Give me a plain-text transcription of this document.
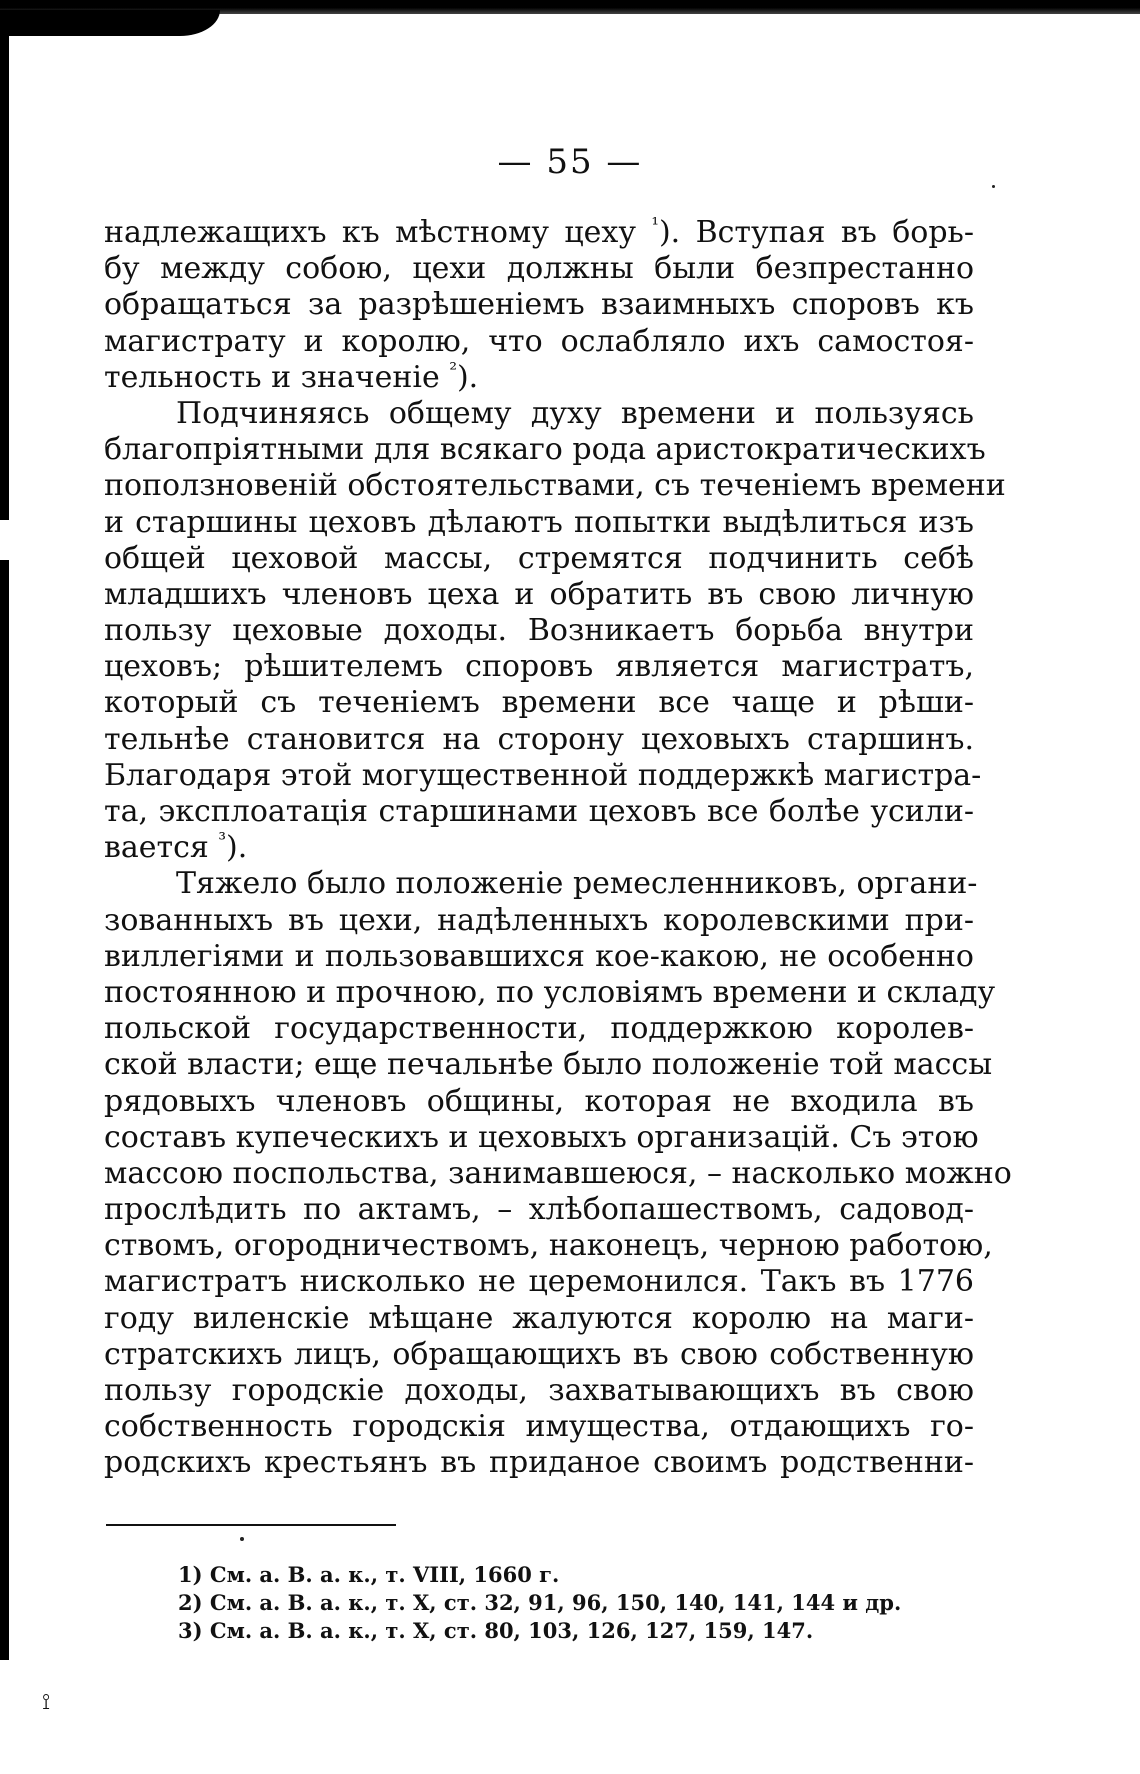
— 55 —
надлежащихъ къ мѣстному цеху $^{^1}$). Вступая въ борь-
бу между собою, цехи должны были безпрестанно
обращаться за разрѣшеніемъ взаимныхъ споровъ къ
магистрату и королю, что ослабляло ихъ самостоя-
тельность и значеніе $^{^2}$).
Подчиняясь общему духу времени и пользуясь
благопріятными для всякаго рода аристократическихъ
поползновеній обстоятельствами, съ теченіемъ времени
и старшины цеховъ дѣлаютъ попытки выдѣлиться изъ
общей цеховой массы, стремятся подчинить себѣ
младшихъ членовъ цеха и обратить въ свою личную
пользу цеховые доходы. Возникаетъ борьба внутри
цеховъ; рѣшителемъ споровъ является магистратъ,
который съ теченіемъ времени все чаще и рѣши-
тельнѣе становится на сторону цеховыхъ старшинъ.
Благодаря этой могущественной поддержкѣ магистра-
та, эксплоатація старшинами цеховъ все болѣе усили-
вается $^{^3}$).
Тяжело было положеніе ремесленниковъ, органи-
зованныхъ въ цехи, надѣленныхъ королевскими при-
виллегіями и пользовавшихся кое-какою, не особенно
постоянною и прочною, по условіямъ времени и складу
польской государственности, поддержкою королев-
ской власти; еще печальнѣе было положеніе той массы
рядовыхъ членовъ общины, которая не входила въ
составъ купеческихъ и цеховыхъ организацій. Съ этою
массою поспольства, занимавшеюся, – насколько можно
прослѣдить по актамъ, – хлѣбопашествомъ, садовод-
ствомъ, огородничествомъ, наконецъ, черною работою,
магистратъ нисколько не церемонился. Такъ въ 1776
году виленскіе мѣщане жалуются королю на маги-
стратскихъ лицъ, обращающихъ въ свою собственную
пользу городскіе доходы, захватывающихъ въ свою
собственность городскія имущества, отдающихъ го-
родскихъ крестьянъ въ приданое своимъ родственни-
1) См. а. В. а. к., т. VIII, 1660 г.
2) См. а. В. а. к., т. X, ст. 32, 91, 96, 150, 140, 141, 144 и др.
3) См. а. В. а. к., т. X, ст. 80, 103, 126, 127, 159, 147.
⟟
